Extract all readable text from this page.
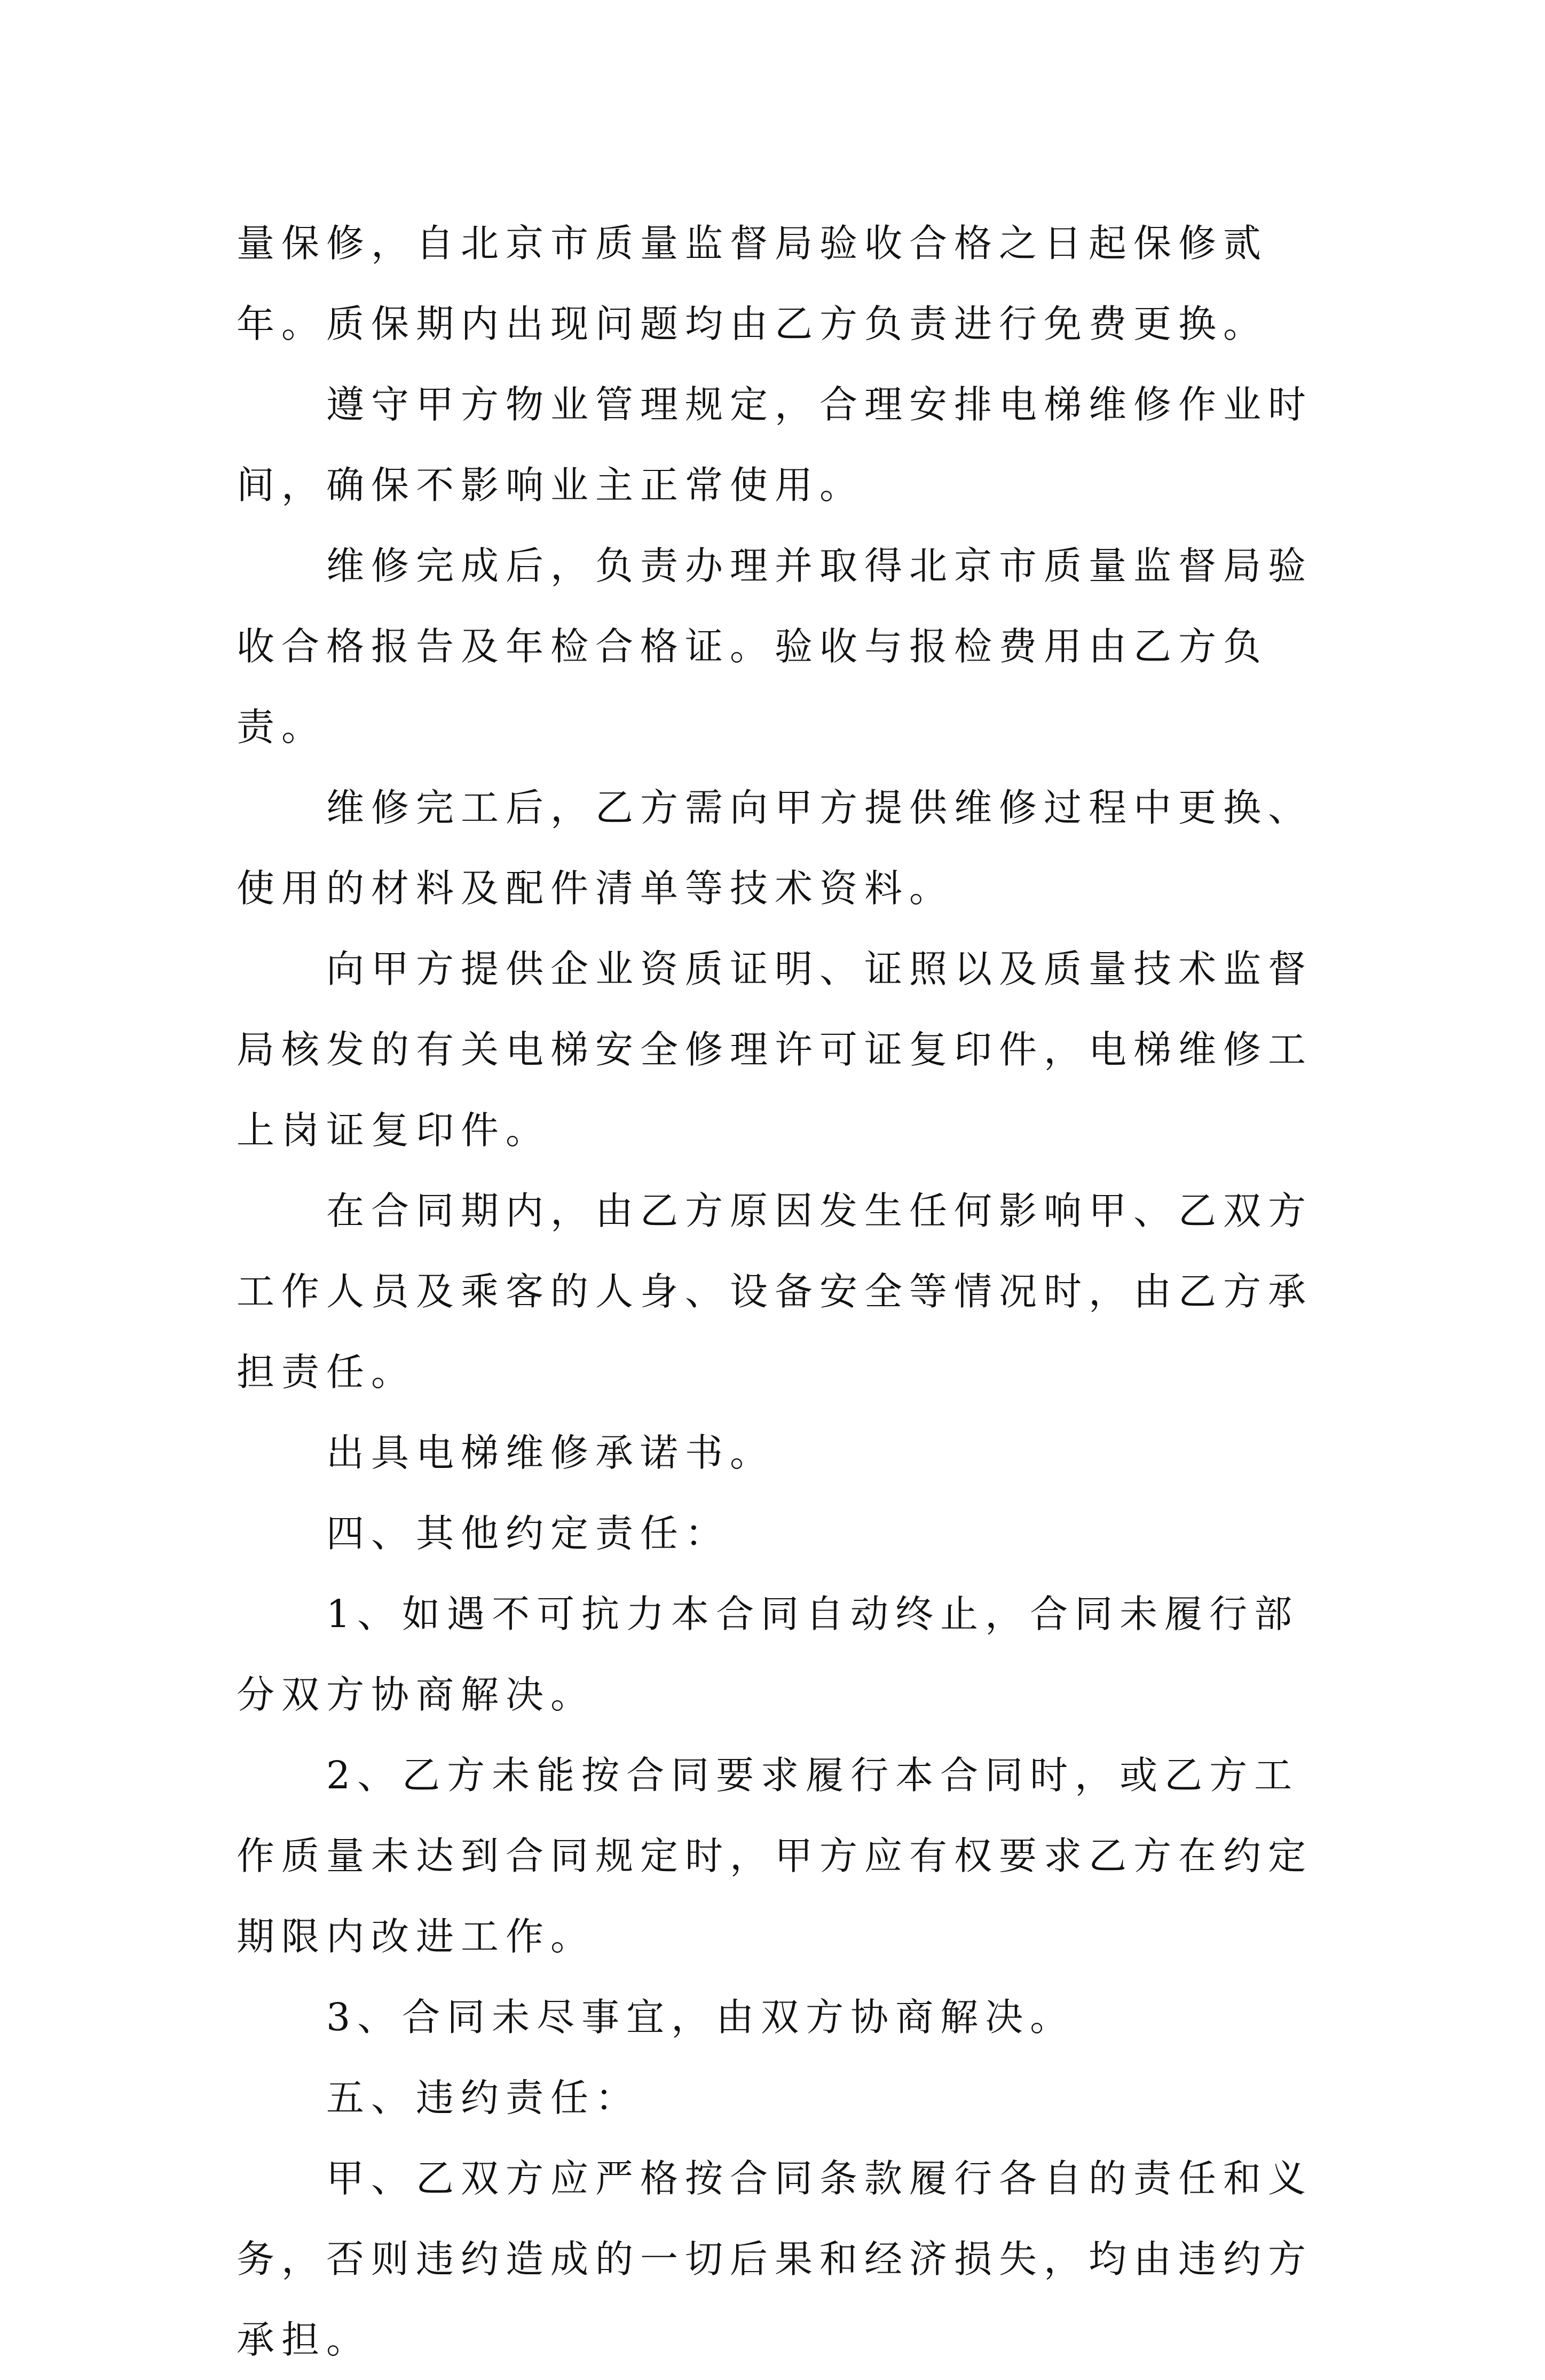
量保修，自北京市质量监督局验收合格之日起保修贰年。质保期内出现问题均由乙方负责进行免费更换。

遵守甲方物业管理规定，合理安排电梯维修作业时间，确保不影响业主正常使用。

维修完成后，负责办理并取得北京市质量监督局验收合格报告及年检合格证。验收与报检费用由乙方负责。

维修完工后，乙方需向甲方提供维修过程中更换、使用的材料及配件清单等技术资料。

向甲方提供企业资质证明、证照以及质量技术监督局核发的有关电梯安全修理许可证复印件，电梯维修工上岗证复印件。

在合同期内，由乙方原因发生任何影响甲、乙双方工作人员及乘客的人身、设备安全等情况时，由乙方承担责任。

出具电梯维修承诺书。

四、其他约定责任：

1、如遇不可抗力本合同自动终止，合同未履行部分双方协商解决。

2、乙方未能按合同要求履行本合同时，或乙方工作质量未达到合同规定时，甲方应有权要求乙方在约定期限内改进工作。

3、合同未尽事宜，由双方协商解决。

五、违约责任：

甲、乙双方应严格按合同条款履行各自的责任和义务，否则违约造成的一切后果和经济损失，均由违约方承担。
